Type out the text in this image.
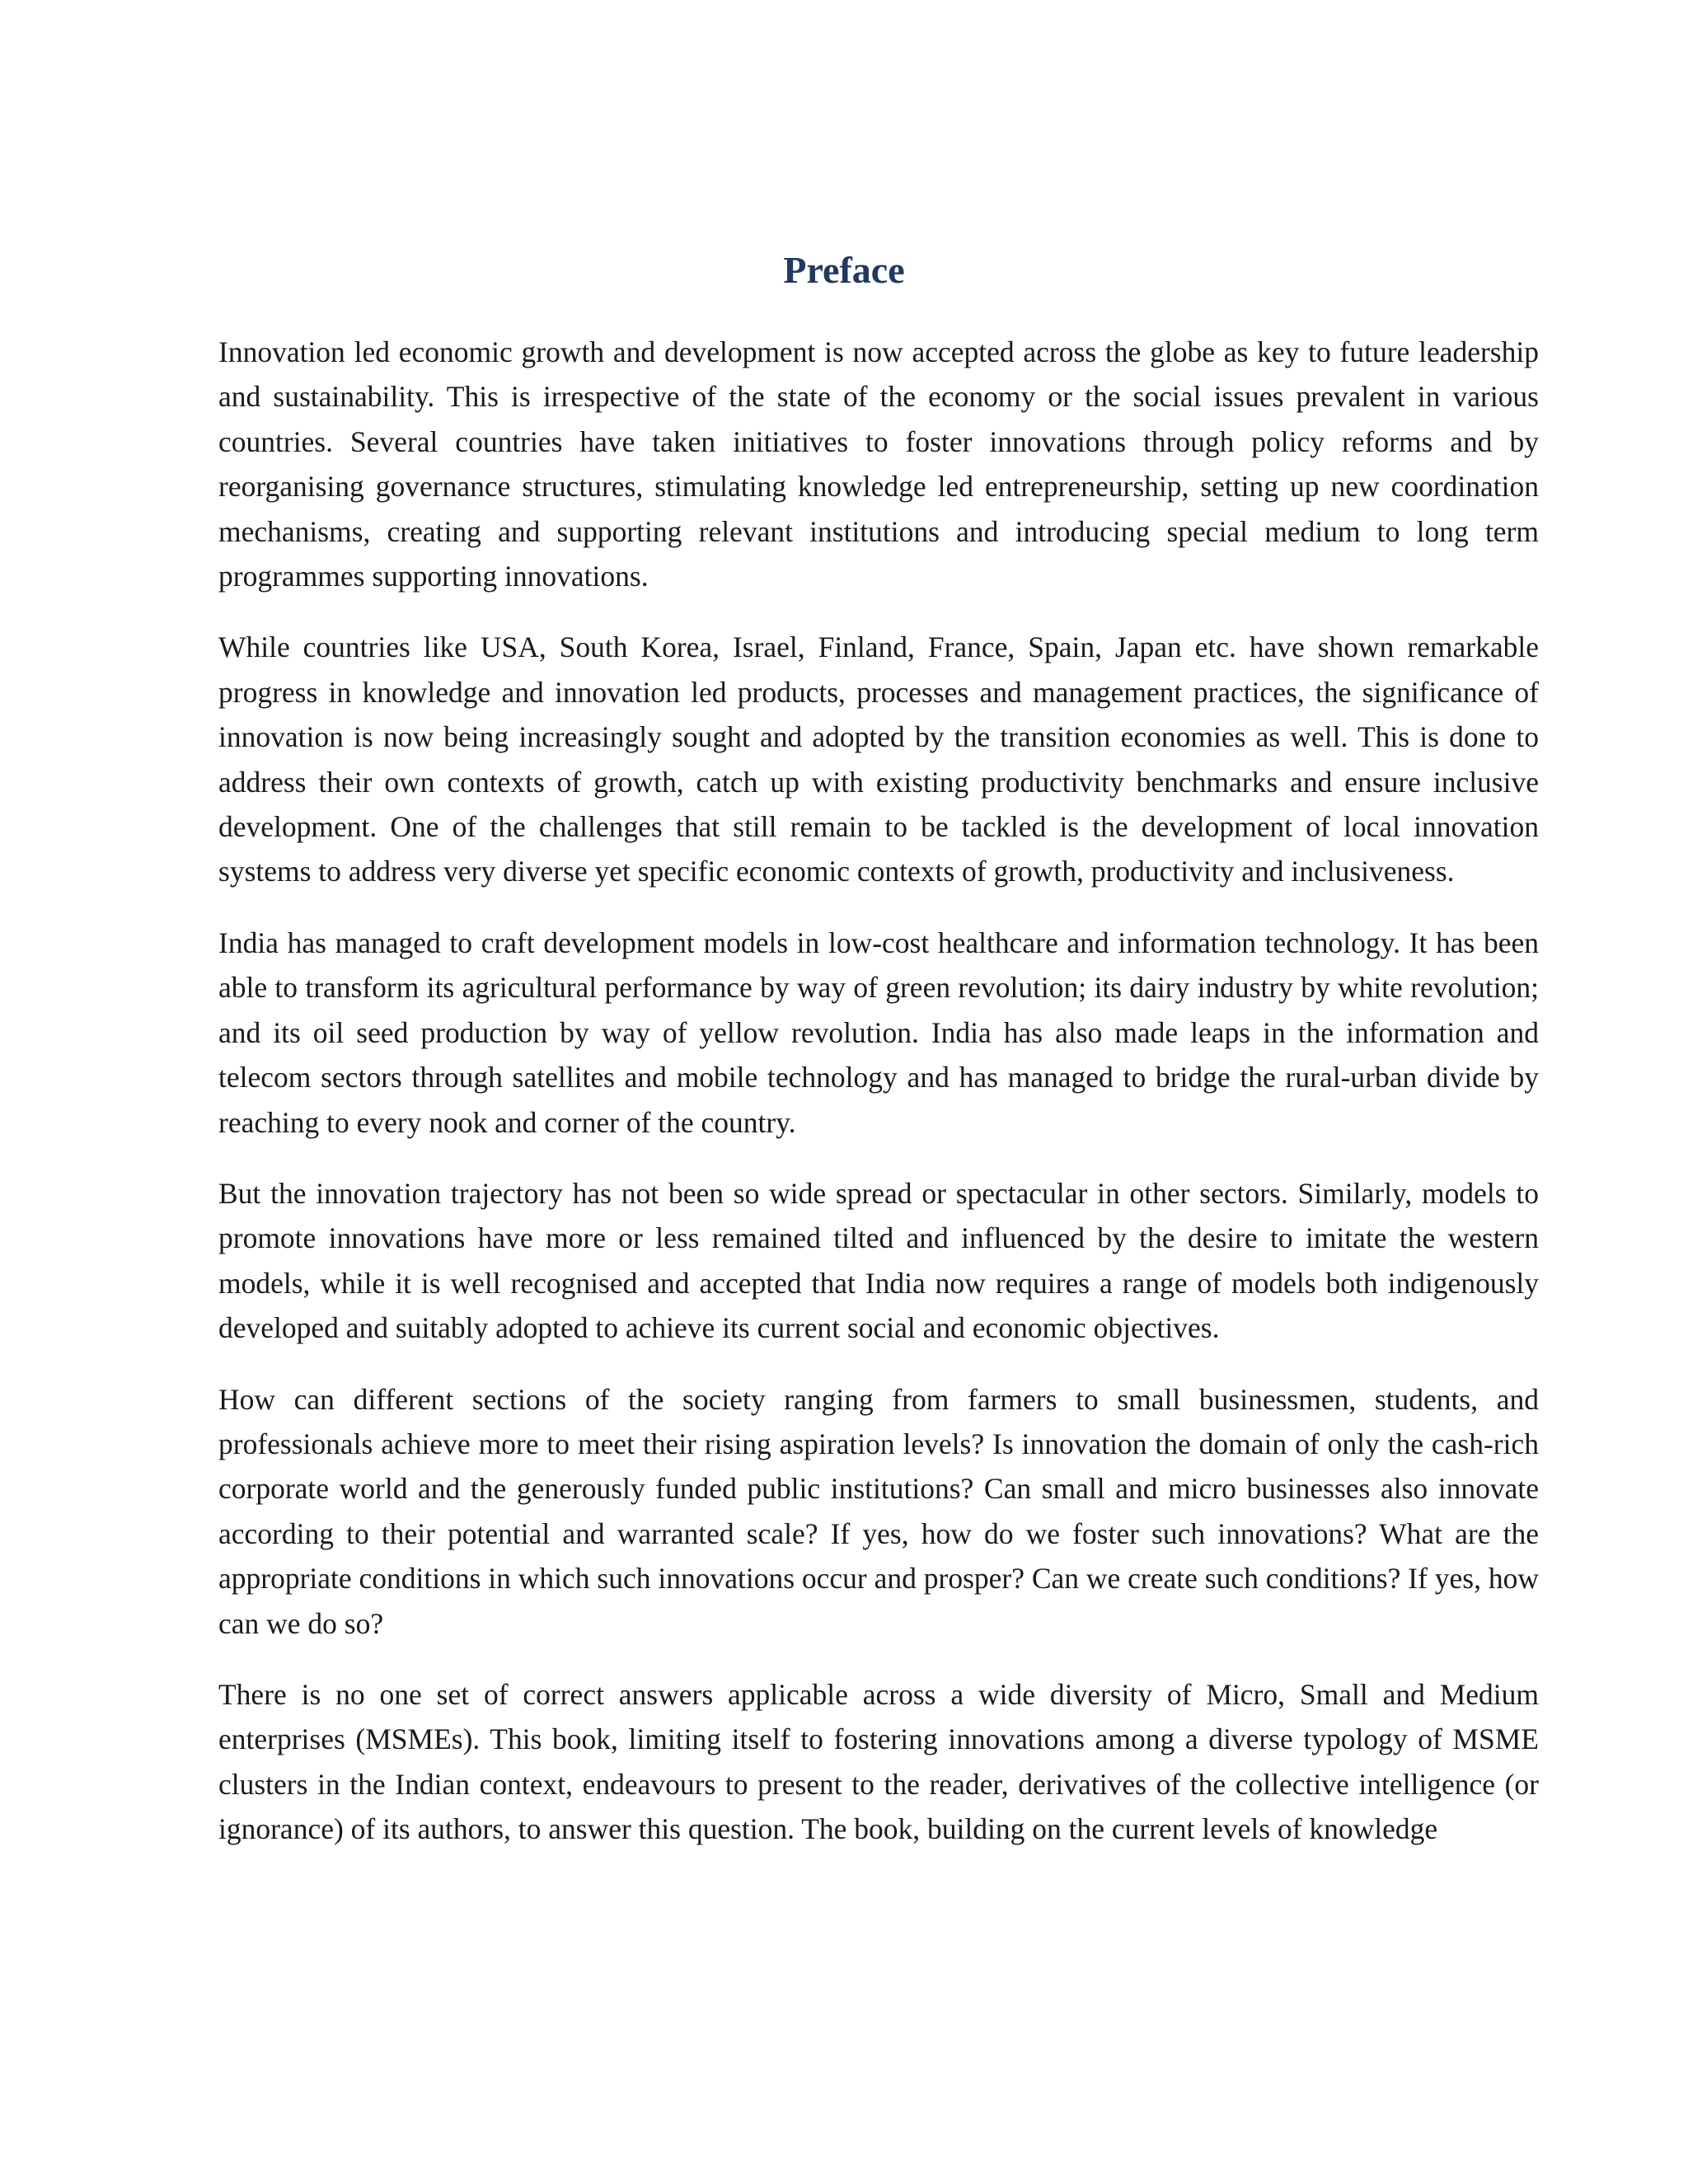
Preface

Innovation led economic growth and development is now accepted across the globe as key to future leadership and sustainability. This is irrespective of the state of the economy or the social issues prevalent in various countries. Several countries have taken initiatives to foster innovations through policy reforms and by reorganising governance structures, stimulating knowledge led entrepreneurship, setting up new coordination mechanisms, creating and supporting relevant institutions and introducing special medium to long term programmes supporting innovations.

While countries like USA, South Korea, Israel, Finland, France, Spain, Japan etc. have shown remarkable progress in knowledge and innovation led products, processes and management practices, the significance of innovation is now being increasingly sought and adopted by the transition economies as well. This is done to address their own contexts of growth, catch up with existing productivity benchmarks and ensure inclusive development. One of the challenges that still remain to be tackled is the development of local innovation systems to address very diverse yet specific economic contexts of growth, productivity and inclusiveness.

India has managed to craft development models in low-cost healthcare and information technology. It has been able to transform its agricultural performance by way of green revolution; its dairy industry by white revolution; and its oil seed production by way of yellow revolution. India has also made leaps in the information and telecom sectors through satellites and mobile technology and has managed to bridge the rural-urban divide by reaching to every nook and corner of the country.

But the innovation trajectory has not been so wide spread or spectacular in other sectors. Similarly, models to promote innovations have more or less remained tilted and influenced by the desire to imitate the western models, while it is well recognised and accepted that India now requires a range of models both indigenously developed and suitably adopted to achieve its current social and economic objectives.

How can different sections of the society ranging from farmers to small businessmen, students, and professionals achieve more to meet their rising aspiration levels? Is innovation the domain of only the cash-rich corporate world and the generously funded public institutions? Can small and micro businesses also innovate according to their potential and warranted scale? If yes, how do we foster such innovations? What are the appropriate conditions in which such innovations occur and prosper? Can we create such conditions? If yes, how can we do so?

There is no one set of correct answers applicable across a wide diversity of Micro, Small and Medium enterprises (MSMEs). This book, limiting itself to fostering innovations among a diverse typology of MSME clusters in the Indian context, endeavours to present to the reader, derivatives of the collective intelligence (or ignorance) of its authors, to answer this question. The book, building on the current levels of knowledge
